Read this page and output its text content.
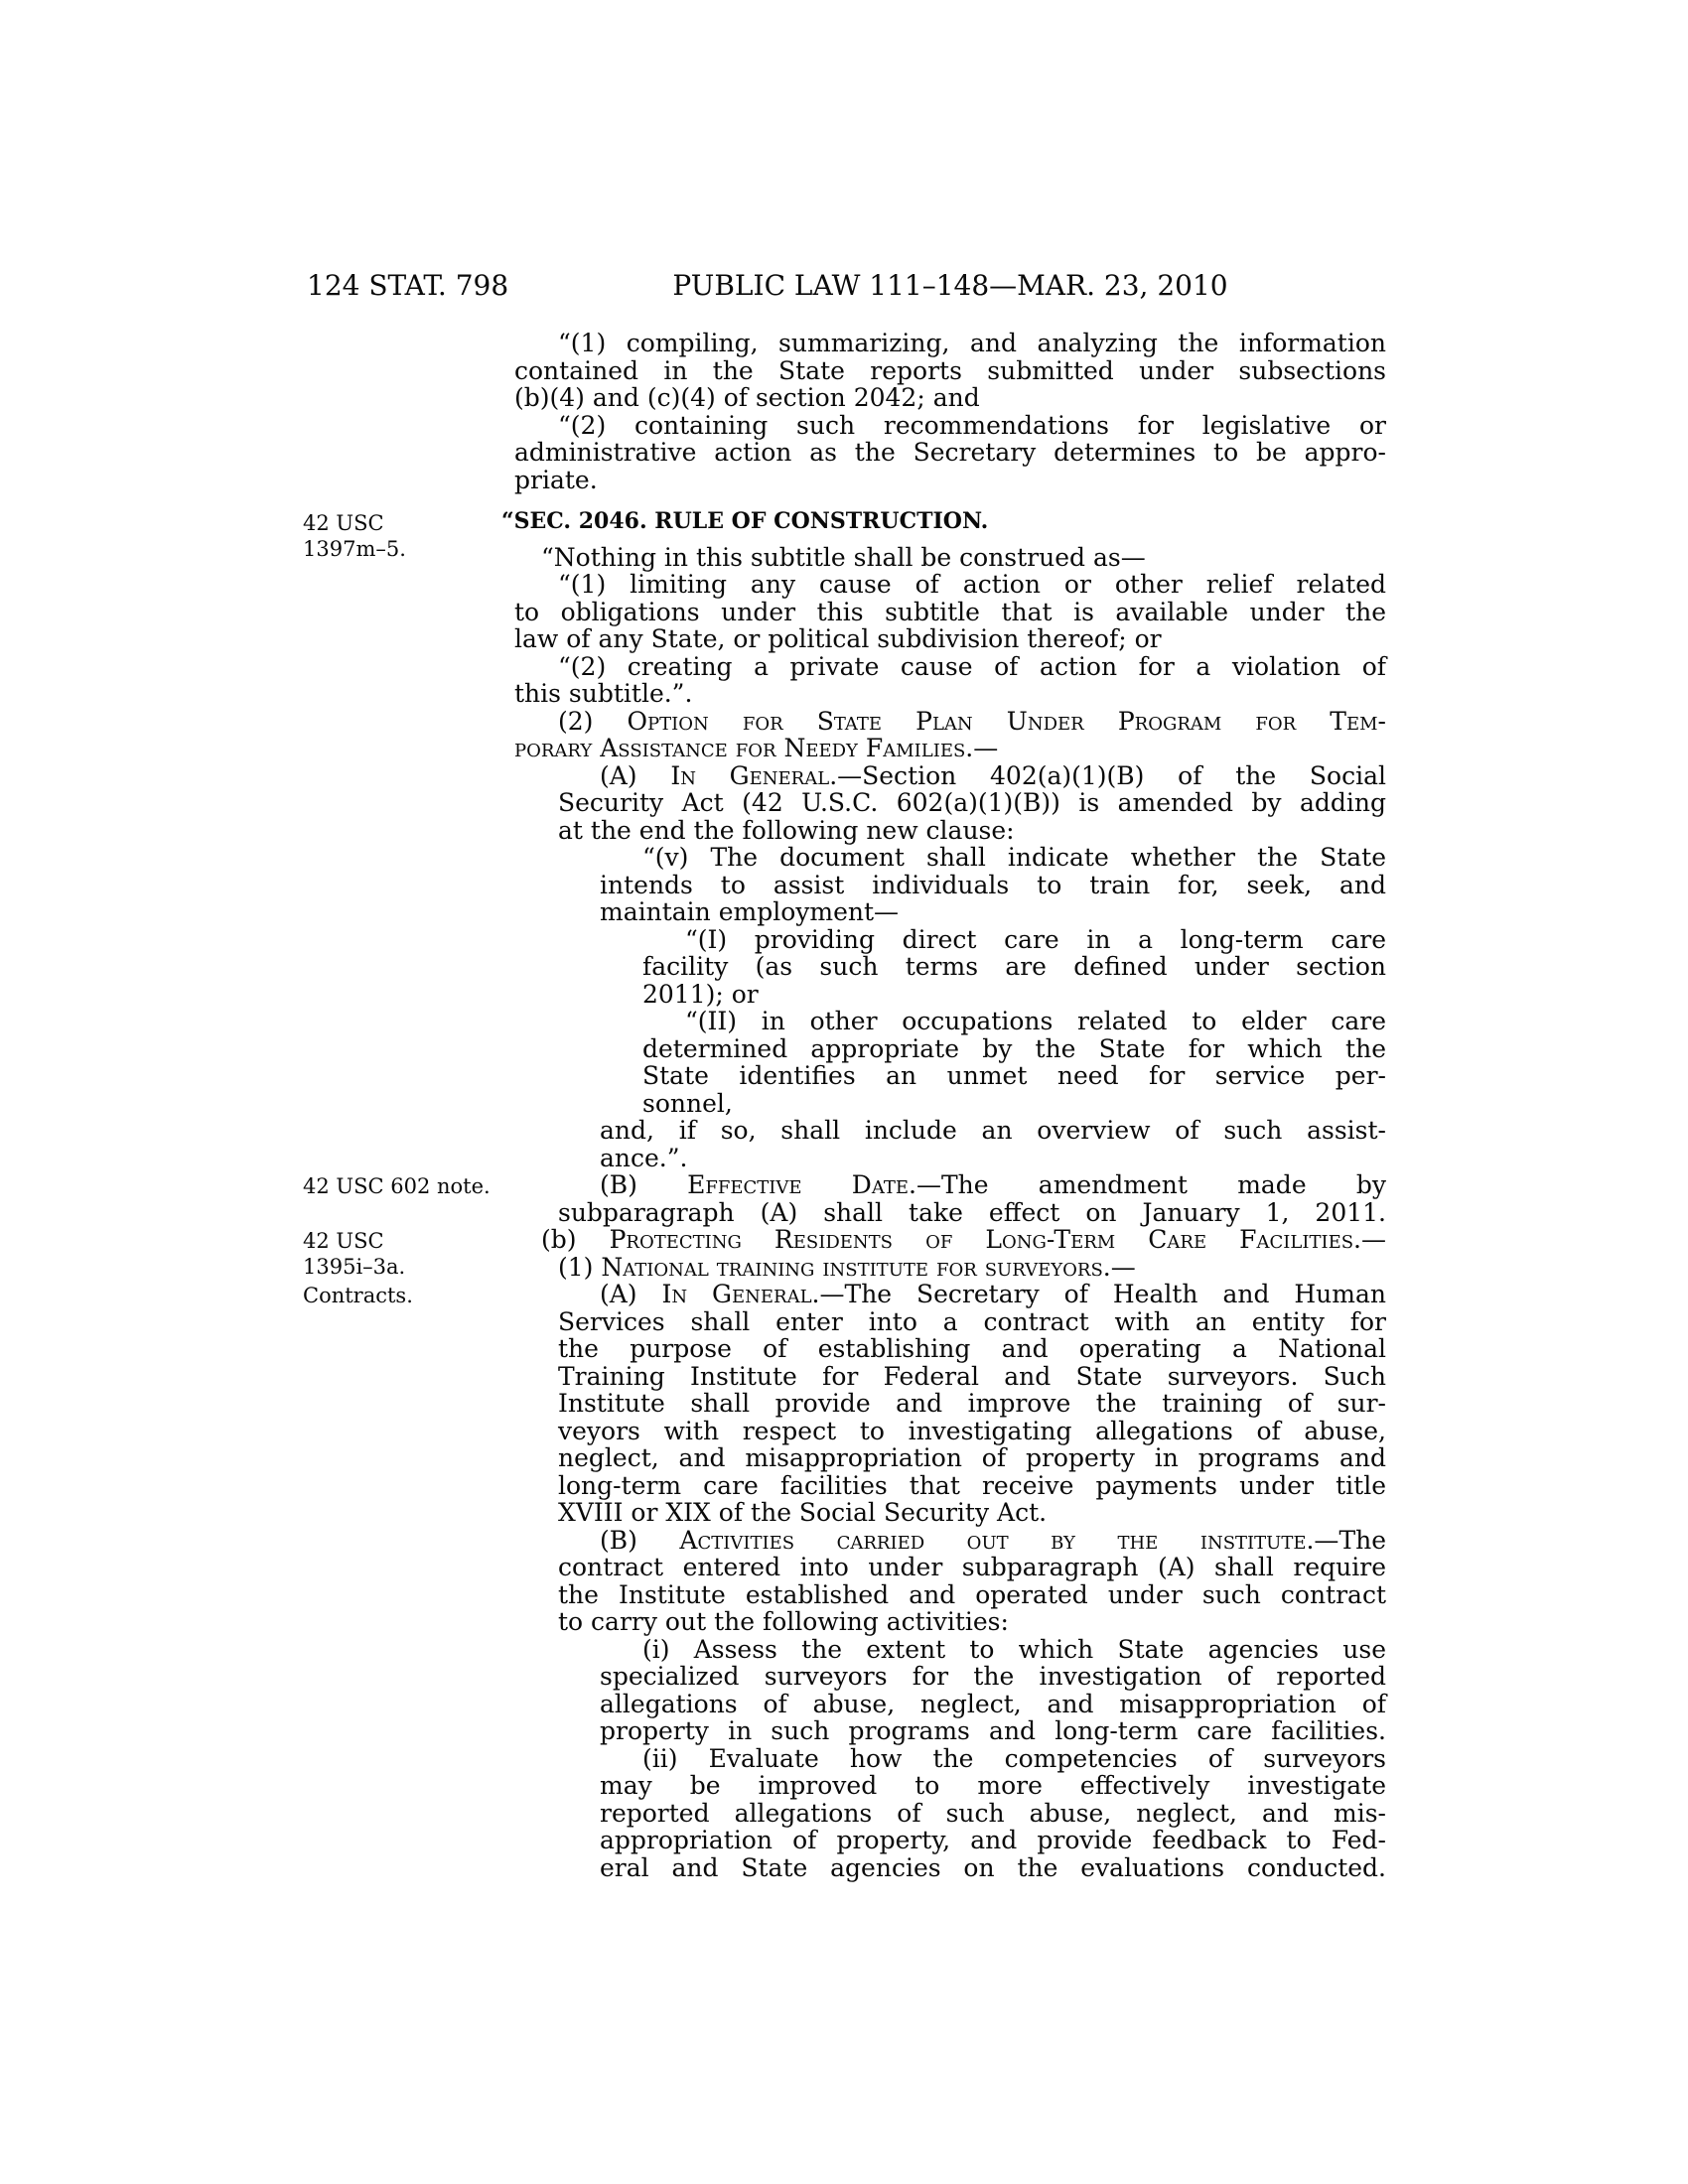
124 STAT. 798	PUBLIC LAW 111–148—MAR. 23, 2010
42 USC
1397m–5.
42 USC 602 note.
42 USC
1395i–3a.
Contracts.
“(1) compiling, summarizing, and analyzing the information
contained in the State reports submitted under subsections
(b)(4) and (c)(4) of section 2042; and
“(2) containing such recommendations for legislative or
administrative action as the Secretary determines to be appro-
priate.
“SEC. 2046. RULE OF CONSTRUCTION.
“Nothing in this subtitle shall be construed as—
“(1) limiting any cause of action or other relief related
to obligations under this subtitle that is available under the
law of any State, or political subdivision thereof; or
“(2) creating a private cause of action for a violation of
this subtitle.”.
(2) Option for State Plan Under Program for Tem-
porary Assistance for Needy Families.—
(A) In General.—Section 402(a)(1)(B) of the Social
Security Act (42 U.S.C. 602(a)(1)(B)) is amended by adding
at the end the following new clause:
“(v) The document shall indicate whether the State
intends to assist individuals to train for, seek, and
maintain employment—
“(I) providing direct care in a long-term care
facility (as such terms are defined under section
2011); or
“(II) in other occupations related to elder care
determined appropriate by the State for which the
State identifies an unmet need for service per-
sonnel,
and, if so, shall include an overview of such assist-
ance.”.
(B) Effective Date.—The amendment made by
subparagraph (A) shall take effect on January 1, 2011.
(b) Protecting Residents of Long-Term Care Facilities.—
(1) National training institute for surveyors.—
(A) In General.—The Secretary of Health and Human
Services shall enter into a contract with an entity for
the purpose of establishing and operating a National
Training Institute for Federal and State surveyors. Such
Institute shall provide and improve the training of sur-
veyors with respect to investigating allegations of abuse,
neglect, and misappropriation of property in programs and
long-term care facilities that receive payments under title
XVIII or XIX of the Social Security Act.
(B) Activities carried out by the institute.—The
contract entered into under subparagraph (A) shall require
the Institute established and operated under such contract
to carry out the following activities:
(i) Assess the extent to which State agencies use
specialized surveyors for the investigation of reported
allegations of abuse, neglect, and misappropriation of
property in such programs and long-term care facilities.
(ii) Evaluate how the competencies of surveyors
may be improved to more effectively investigate
reported allegations of such abuse, neglect, and mis-
appropriation of property, and provide feedback to Fed-
eral and State agencies on the evaluations conducted.
